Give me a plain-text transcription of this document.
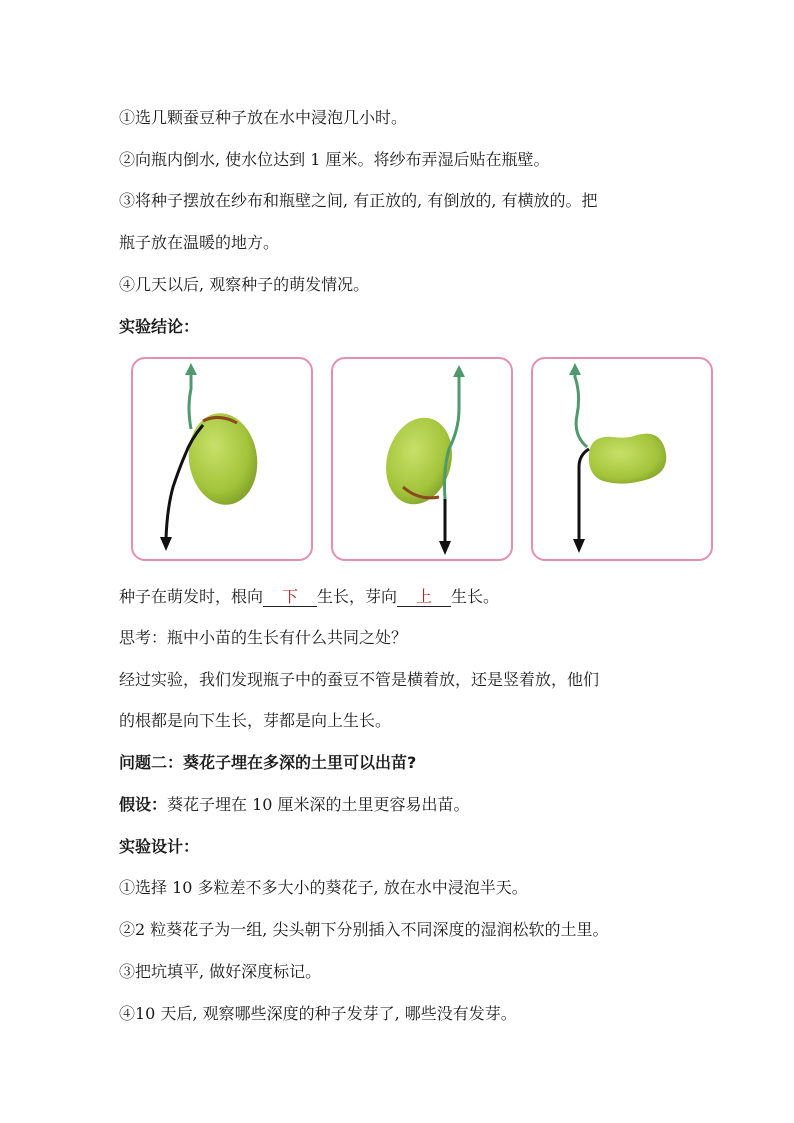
①选几颗蚕豆种子放在水中浸泡几小时。
②向瓶内倒水, 使水位达到 1 厘米。将纱布弄湿后贴在瓶壁。
③将种子摆放在纱布和瓶壁之间, 有正放的, 有倒放的, 有横放的。把
瓶子放在温暖的地方。
④几天以后, 观察种子的萌发情况。
实验结论：
种子在萌发时，根向 下 生长，芽向 上 生长。
思考：瓶中小苗的生长有什么共同之处？
经过实验，我们发现瓶子中的蚕豆不管是横着放，还是竖着放，他们
的根都是向下生长，芽都是向上生长。
问题二：葵花子埋在多深的土里可以出苗?
假设：葵花子埋在 10 厘米深的土里更容易出苗。
实验设计：
①选择 10 多粒差不多大小的葵花子, 放在水中浸泡半天。
②2 粒葵花子为一组, 尖头朝下分别插入不同深度的湿润松软的土里。
③把坑填平, 做好深度标记。
④10 天后, 观察哪些深度的种子发芽了, 哪些没有发芽。
